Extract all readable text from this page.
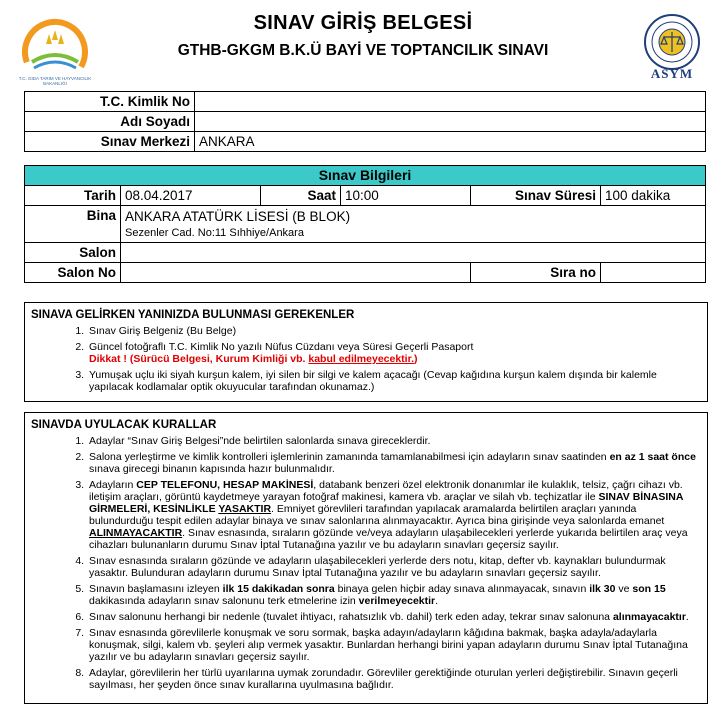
T.C. GIDA TARIM VE HAYVANCILIK BAKANLIĞI
ASYM
SINAV GİRİŞ BELGESİ
GTHB-GKGM B.K.Ü BAYİ VE TOPTANCILIK SINAVI
T.C. Kimlik No	
Adı Soyadı	
Sınav Merkezi	ANKARA
Sınav Bilgileri					
Tarih	08.04.2017	Saat	10:00	Sınav Süresi	100 dakika
Bina	ANKARA ATATÜRK LİSESİ (B BLOK)
Sezenler Cad. No:11 Sıhhiye/Ankara				

Salon					
Salon No				Sıra no	
SINAVA GELİRKEN YANINIZDA BULUNMASI GEREKENLER
1. Sınav Giriş Belgeniz (Bu Belge)
2. Güncel fotoğraflı T.C. Kimlik No yazılı Nüfus Cüzdanı veya Süresi Geçerli Pasaport
Dikkat ! (Sürücü Belgesi, Kurum Kimliği vb. kabul edilmeyecektir.)
3. Yumuşak uçlu iki siyah kurşun kalem, iyi silen bir silgi ve kalem açacağı (Cevap kağıdına kurşun kalem dışında bir kalemle yapılacak kodlamalar optik okuyucular tarafından okunamaz.)
SINAVDA UYULACAK KURALLAR
1. Adaylar “Sınav Giriş Belgesi”nde belirtilen salonlarda sınava gireceklerdir.
2. Salona yerleştirme ve kimlik kontrolleri işlemlerinin zamanında tamamlanabilmesi için adayların sınav saatinden en az 1 saat önce sınava girecegi binanın kapısında hazır bulunmalıdır.
3. Adayların CEP TELEFONU, HESAP MAKİNESİ, databank benzeri özel elektronik donanımlar ile kulaklık, telsiz, çağrı cihazı vb. iletişim araçları, görüntü kaydetmeye yarayan fotoğraf makinesi, kamera vb. araçlar ve silah vb. teçhizatlar ile SINAV BİNASINA GİRMELERİ, KESİNLİKLE YASAKTIR. Emniyet görevlileri tarafından yapılacak aramalarda belirtilen araçları yanında bulundurduğu tespit edilen adaylar binaya ve sınav salonlarına alınmayacaktır. Ayrıca bina girişinde veya salonlarda emanet ALINMAYACAKTIR. Sınav esnasında, sıraların gözünde ve/veya adayların ulaşabilecekleri yerlerde yukarıda belirtilen araç veya cihazları bulunanların durumu Sınav İptal Tutanağına yazılır ve bu adayların sınavları geçersiz sayılır.
4. Sınav esnasında sıraların gözünde ve adayların ulaşabilecekleri yerlerde ders notu, kitap, defter vb. kaynakları bulundurmak yasaktır. Bulunduran adayların durumu Sınav İptal Tutanağına yazılır ve bu adayların sınavları geçersiz sayılır.
5. Sınavın başlamasını izleyen ilk 15 dakikadan sonra binaya gelen hiçbir aday sınava alınmayacak, sınavın ilk 30 ve son 15 dakikasında adayların sınav salonunu terk etmelerine izin verilmeyecektir.
6. Sınav salonunu herhangi bir nedenle (tuvalet ihtiyacı, rahatsızlık vb. dahil) terk eden aday, tekrar sınav salonuna alınmayacaktır.
7. Sınav esnasında görevlilerle konuşmak ve soru sormak, başka adayın/adayların kâğıdına bakmak, başka adayla/adaylarla konuşmak, silgi, kalem vb. şeyleri alıp vermek yasaktır. Bunlardan herhangi birini yapan adayların durumu Sınav İptal Tutanağına yazılır ve bu adayların sınavları geçersiz sayılır.
8. Adaylar, görevlilerin her türlü uyarılarına uymak zorundadır. Görevliler gerektiğinde oturulan yerleri değiştirebilir. Sınavın geçerli sayılması, her şeyden önce sınav kurallarına uyulmasına bağlıdır.
